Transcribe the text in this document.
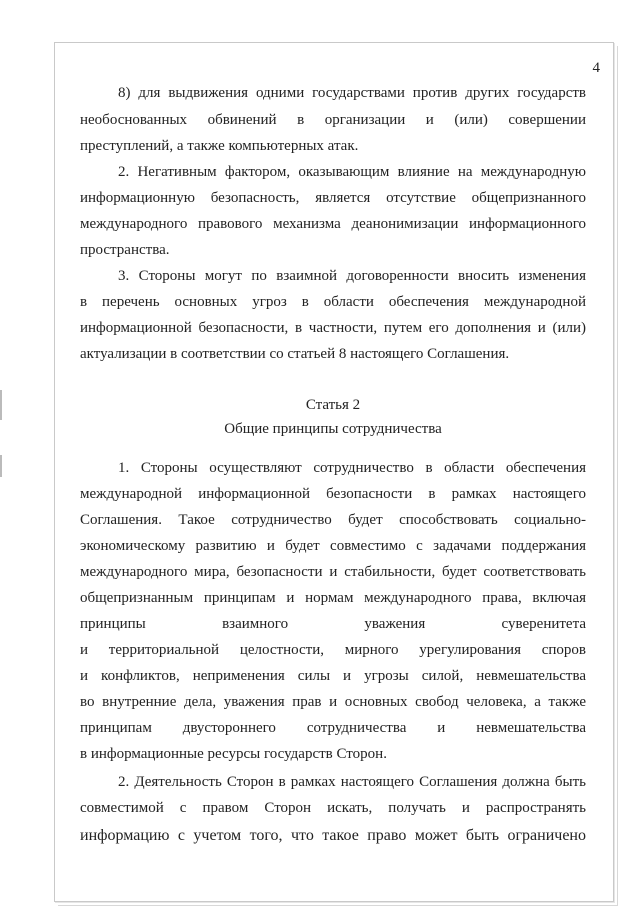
4
8) для выдвижения одними государствами против других государств
необоснованных обвинений в организации и (или) совершении
преступлений, а также компьютерных атак.
2. Негативным фактором, оказывающим влияние на международную
информационную безопасность, является отсутствие общепризнанного
международного правового механизма деанонимизации информационного
пространства.
3. Стороны могут по взаимной договоренности вносить изменения
в перечень основных угроз в области обеспечения международной
информационной безопасности, в частности, путем его дополнения и (или)
актуализации в соответствии со статьей 8 настоящего Соглашения.
Статья 2
Общие принципы сотрудничества
1. Стороны осуществляют сотрудничество в области обеспечения
международной информационной безопасности в рамках настоящего
Соглашения. Такое сотрудничество будет способствовать социально-
экономическому развитию и будет совместимо с задачами поддержания
международного мира, безопасности и стабильности, будет соответствовать
общепризнанным принципам и нормам международного права, включая
принципы взаимного уважения суверенитета
и территориальной целостности, мирного урегулирования споров
и конфликтов, неприменения силы и угрозы силой, невмешательства
во внутренние дела, уважения прав и основных свобод человека, а также
принципам двустороннего сотрудничества и невмешательства
в информационные ресурсы государств Сторон.
2. Деятельность Сторон в рамках настоящего Соглашения должна быть
совместимой с правом Сторон искать, получать и распространять
информацию с учетом того, что такое право может быть ограничено
